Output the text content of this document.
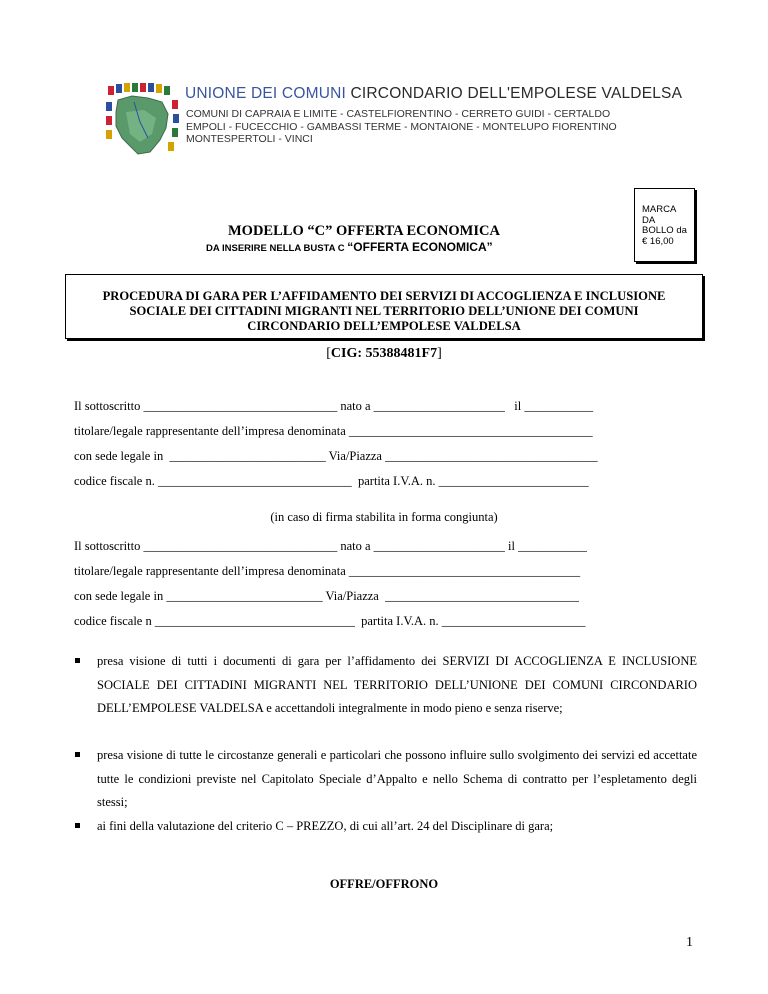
UNIONE DEI COMUNI CIRCONDARIO DELL'EMPOLESE VALDELSA
COMUNI DI CAPRAIA E LIMITE - CASTELFIORENTINO - CERRETO GUIDI - CERTALDO
EMPOLI - FUCECCHIO - GAMBASSI TERME - MONTAIONE - MONTELUPO FIORENTINO
MONTESPERTOLI - VINCI
MARCA
DA
BOLLO da
€ 16,00
MODELLO “C” OFFERTA ECONOMICA
DA INSERIRE NELLA BUSTA C “OFFERTA ECONOMICA”
PROCEDURA DI GARA PER L’AFFIDAMENTO DEI SERVIZI DI ACCOGLIENZA E INCLUSIONE
SOCIALE DEI CITTADINI MIGRANTI NEL TERRITORIO DELL’UNIONE DEI COMUNI
CIRCONDARIO DELL’EMPOLESE VALDELSA
[CIG: 55388481F7]
Il sottoscritto _______________________________ nato a _____________________   il ___________
titolare/legale rappresentante dell’impresa denominata _______________________________________
con sede legale in  _________________________ Via/Piazza __________________________________
codice fiscale n. _______________________________  partita I.V.A. n. ________________________
(in caso di firma stabilita in forma congiunta)
Il sottoscritto _______________________________ nato a _____________________ il ___________
titolare/legale rappresentante dell’impresa denominata _____________________________________
con sede legale in _________________________ Via/Piazza  _______________________________
codice fiscale n ________________________________  partita I.V.A. n. _______________________
presa visione di tutti i documenti di gara per l’affidamento dei SERVIZI DI ACCOGLIENZA E INCLUSIONE SOCIALE DEI CITTADINI MIGRANTI NEL TERRITORIO DELL’UNIONE DEI COMUNI CIRCONDARIO DELL’EMPOLESE VALDELSA e accettandoli integralmente in modo pieno e senza riserve;
presa visione di tutte le circostanze generali e particolari che possono influire sullo svolgimento dei servizi ed accettate tutte le condizioni previste nel Capitolato Speciale d’Appalto e nello Schema di contratto per l’espletamento degli stessi;
ai fini della valutazione del criterio C – PREZZO, di cui all’art. 24 del Disciplinare di gara;
OFFRE/OFFRONO
1
